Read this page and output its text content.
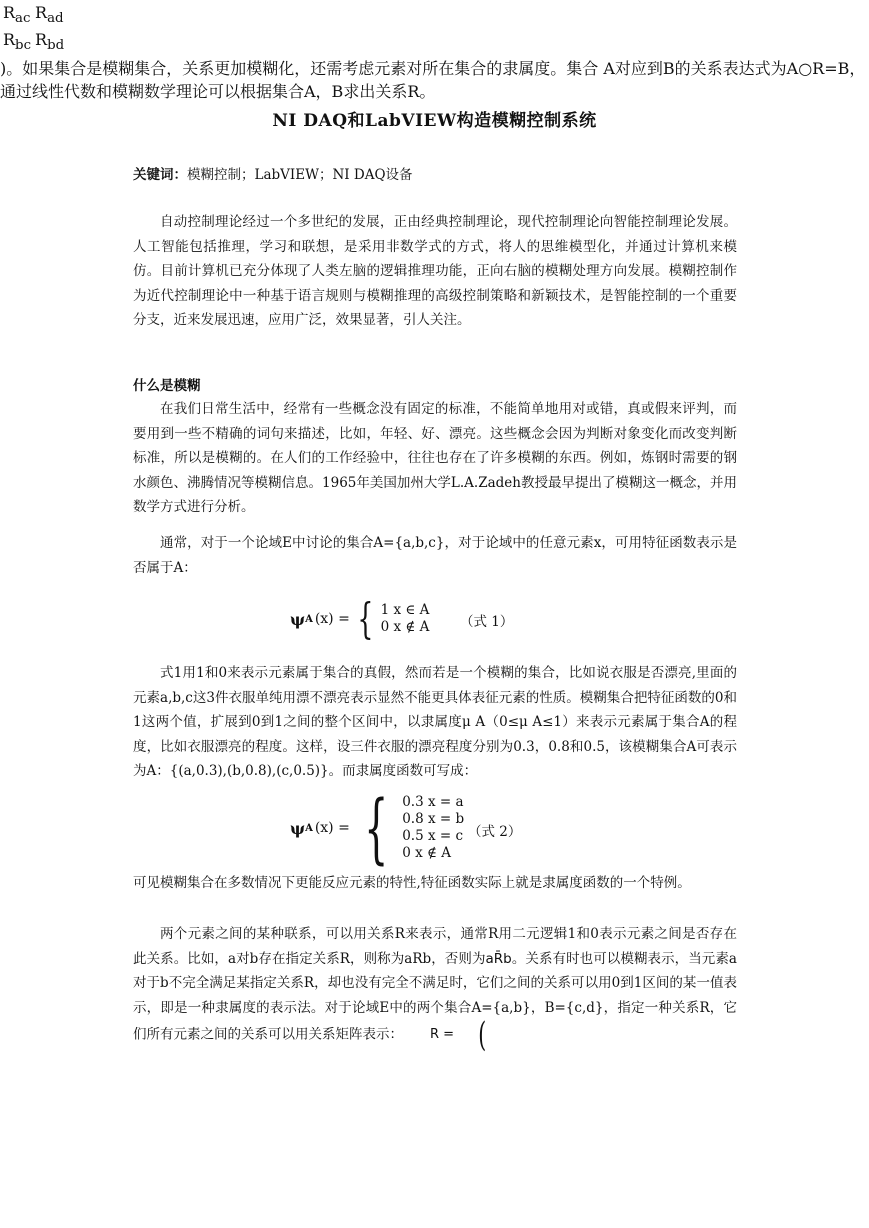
NI DAQ和LabVIEW构造模糊控制系统
关键词：模糊控制；LabVIEW；NI DAQ设备

自动控制理论经过一个多世纪的发展，正由经典控制理论，现代控制理论向智能控制理论发展。人工智能包括推理，学习和联想，是采用非数学式的方式，将人的思维模型化，并通过计算机来模仿。目前计算机已充分体现了人类左脑的逻辑推理功能，正向右脑的模糊处理方向发展。模糊控制作为近代控制理论中一种基于语言规则与模糊推理的高级控制策略和新颖技术，是智能控制的一个重要分支，近来发展迅速，应用广泛，效果显著，引人关注。

什么是模糊

在我们日常生活中，经常有一些概念没有固定的标准，不能简单地用对或错，真或假来评判，而要用到一些不精确的词句来描述，比如，年轻、好、漂亮。这些概念会因为判断对象变化而改变判断标准，所以是模糊的。在人们的工作经验中，往往也存在了许多模糊的东西。例如，炼钢时需要的钢水颜色、沸腾情况等模糊信息。1965年美国加州大学L.A.Zadeh教授最早提出了模糊这一概念，并用数学方式进行分析。

通常，对于一个论域E中讨论的集合A={a,b,c}，对于论域中的任意元素x，可用特征函数表示是否属于A：

ψ A (x) = { 1 x ∈ A
0 x ∉ A （式 1）

式1用1和0来表示元素属于集合的真假，然而若是一个模糊的集合，比如说衣服是否漂亮,里面的元素a,b,c这3件衣服单纯用漂不漂亮表示显然不能更具体表征元素的性质。模糊集合把特征函数的0和1这两个值，扩展到0到1之间的整个区间中，以隶属度μ A（0≤μ A≤1）来表示元素属于集合A的程度，比如衣服漂亮的程度。这样，设三件衣服的漂亮程度分别为0.3，0.8和0.5，该模糊集合A可表示为A：{(a,0.3),(b,0.8),(c,0.5)}。而隶属度函数可写成：

ψ A (x) = { 0.3 x = a
0.8 x = b
0.5 x = c
0 x ∉ A
（式 2）

可见模糊集合在多数情况下更能反应元素的特性,特征函数实际上就是隶属度函数的一个特例。

两个元素之间的某种联系，可以用关系R来表示，通常R用二元逻辑1和0表示元素之间是否存在此关系。比如，a对b存在指定关系R，则称为aRb，否则为aR̄b。关系有时也可以模糊表示，当元素a对于b不完全满足某指定关系R，却也没有完全不满足时，它们之间的关系可以用0到1区间的某一值表示，即是一种隶属度的表示法。对于论域E中的两个集合A={a,b}，B={c,d}，指定一种关系R，它们所有元素之间的关系可以用关系矩阵表示：	R = (

$R_{ac}$	$R_{ad}$
$R_{bc}$	$R_{bd}$
)。如果集合是模糊集合，关系更加模糊化，还需考虑元素对所在集合的隶属度。集合 A对应到B的关系表达式为A○R=B，通过线性代数和模糊数学理论可以根据集合A，B求出关系R。
